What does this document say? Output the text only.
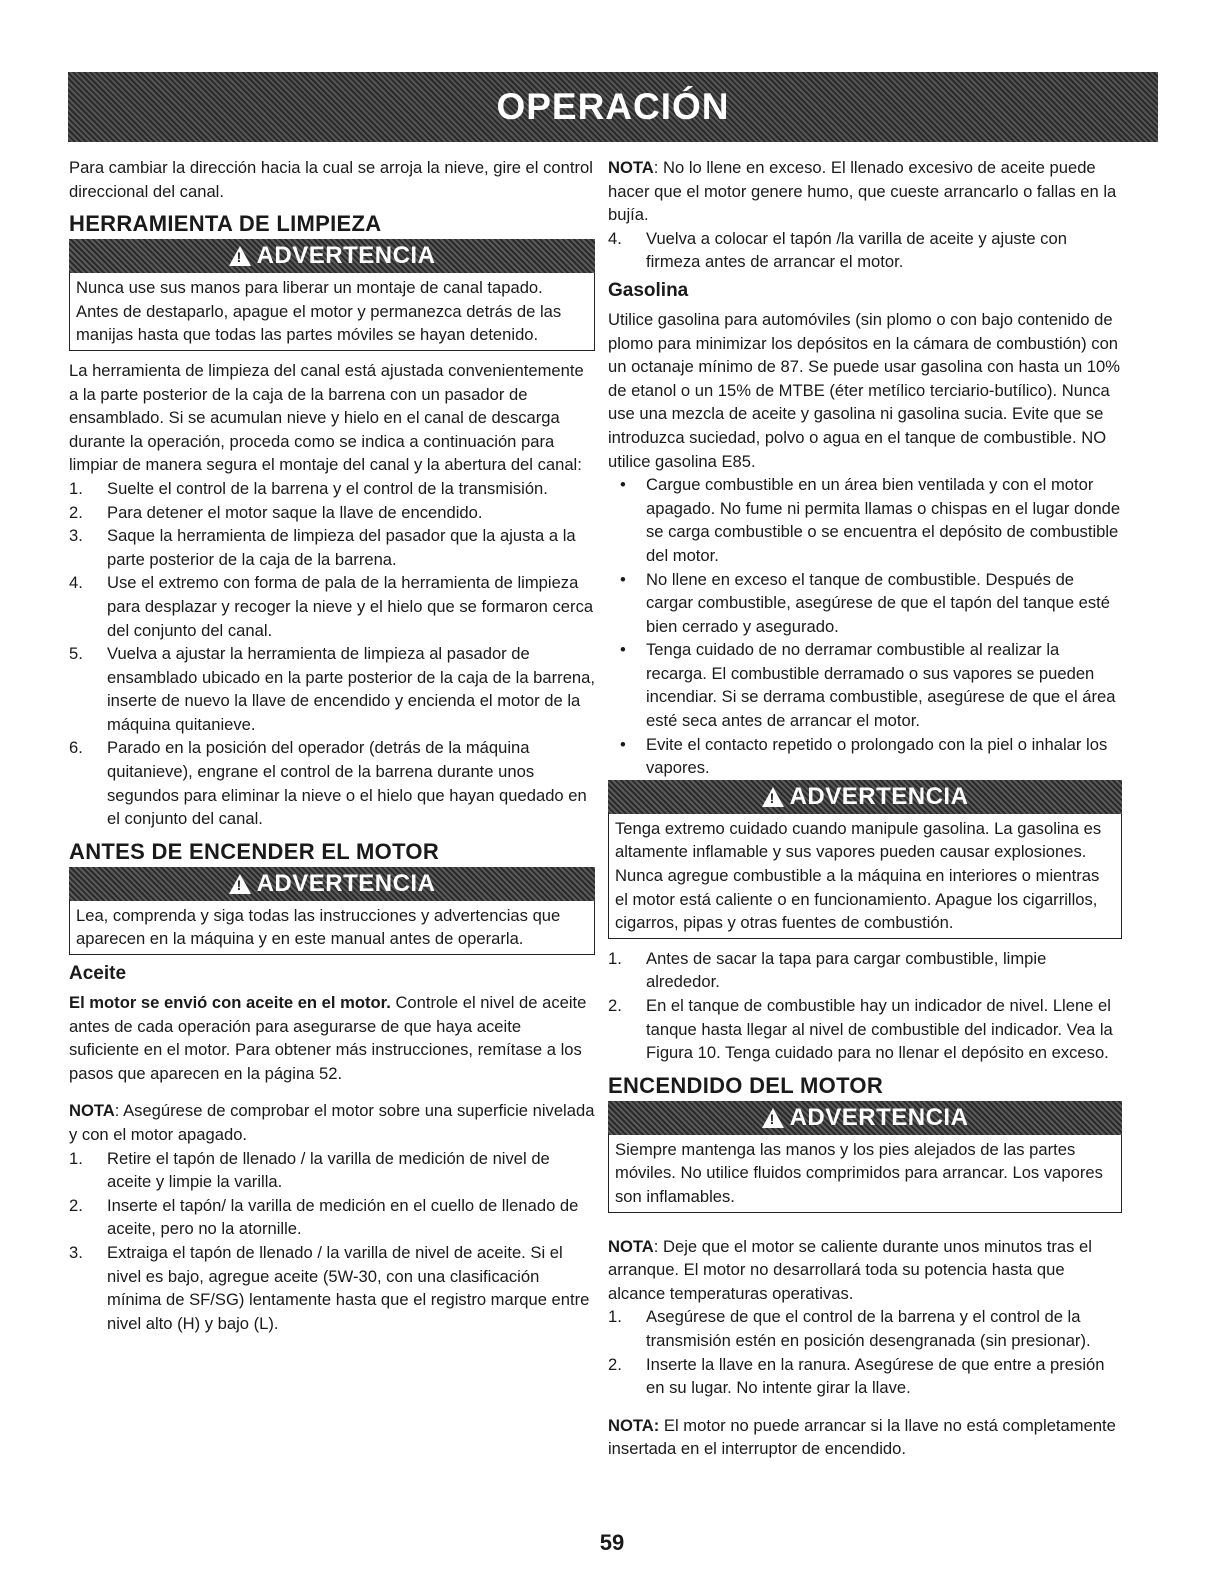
OPERACIÓN

Para cambiar la dirección hacia la cual se arroja la nieve, gire el control direccional del canal.

HERRAMIENTA DE LIMPIEZA
!
ADVERTENCIA
Nunca use sus manos para liberar un montaje de canal tapado. Antes de destaparlo, apague el motor y permanezca detrás de las manijas hasta que todas las partes móviles se hayan detenido.

La herramienta de limpieza del canal está ajustada convenientemente a la parte posterior de la caja de la barrena con un pasador de ensamblado. Si se acumulan nieve y hielo en el canal de descarga durante la operación, proceda como se indica a continuación para limpiar de manera segura el montaje del canal y la abertura del canal:

1. Suelte el control de la barrena y el control de la transmisión.
2. Para detener el motor saque la llave de encendido.
3. Saque la herramienta de limpieza del pasador que la ajusta a la parte posterior de la caja de la barrena.
4. Use el extremo con forma de pala de la herramienta de limpieza para desplazar y recoger la nieve y el hielo que se formaron cerca del conjunto del canal.
5. Vuelva a ajustar la herramienta de limpieza al pasador de ensamblado ubicado en la parte posterior de la caja de la barrena, inserte de nuevo la llave de encendido y encienda el motor de la máquina quitanieve.
6. Parado en la posición del operador (detrás de la máquina quitanieve), engrane el control de la barrena durante unos segundos para eliminar la nieve o el hielo que hayan quedado en el conjunto del canal.
ANTES DE ENCENDER EL MOTOR
!
ADVERTENCIA
Lea, comprenda y siga todas las instrucciones y advertencias que aparecen en la máquina y en este manual antes de operarla.
Aceite

El motor se envió con aceite en el motor. Controle el nivel de aceite antes de cada operación para asegurarse de que haya aceite suficiente en el motor. Para obtener más instrucciones, remítase a los pasos que aparecen en la página 52.

NOTA: Asegúrese de comprobar el motor sobre una superficie nivelada y con el motor apagado.

1. Retire el tapón de llenado / la varilla de medición de nivel de aceite y limpie la varilla.
2. Inserte el tapón/ la varilla de medición en el cuello de llenado de aceite, pero no la atornille.
3. Extraiga el tapón de llenado / la varilla de nivel de aceite. Si el nivel es bajo, agregue aceite (5W-30, con una clasificación mínima de SF/SG) lentamente hasta que el registro marque entre nivel alto (H) y bajo (L).

NOTA: No lo llene en exceso. El llenado excesivo de aceite puede hacer que el motor genere humo, que cueste arrancarlo o fallas en la bujía.

4. Vuelva a colocar el tapón /la varilla de aceite y ajuste con firmeza antes de arrancar el motor.
Gasolina

Utilice gasolina para automóviles (sin plomo o con bajo contenido de plomo para minimizar los depósitos en la cámara de combustión) con un octanaje mínimo de 87. Se puede usar gasolina con hasta un 10% de etanol o un 15% de MTBE (éter metílico terciario-butílico). Nunca use una mezcla de aceite y gasolina ni gasolina sucia. Evite que se introduzca suciedad, polvo o agua en el tanque de combustible. NO utilice gasolina E85.

• Cargue combustible en un área bien ventilada y con el motor apagado. No fume ni permita llamas o chispas en el lugar donde se carga combustible o se encuentra el depósito de combustible del motor.
• No llene en exceso el tanque de combustible. Después de cargar combustible, asegúrese de que el tapón del tanque esté bien cerrado y asegurado.
• Tenga cuidado de no derramar combustible al realizar la recarga. El combustible derramado o sus vapores se pueden incendiar. Si se derrama combustible, asegúrese de que el área esté seca antes de arrancar el motor.
• Evite el contacto repetido o prolongado con la piel o inhalar los vapores.
!
ADVERTENCIA
Tenga extremo cuidado cuando manipule gasolina. La gasolina es altamente inflamable y sus vapores pueden causar explosiones. Nunca agregue combustible a la máquina en interiores o mientras el motor está caliente o en funcionamiento. Apague los cigarrillos, cigarros, pipas y otras fuentes de combustión.
1. Antes de sacar la tapa para cargar combustible, limpie alrededor.
2. En el tanque de combustible hay un indicador de nivel. Llene el tanque hasta llegar al nivel de combustible del indicador. Vea la Figura 10. Tenga cuidado para no llenar el depósito en exceso.
ENCENDIDO DEL MOTOR
!
ADVERTENCIA
Siempre mantenga las manos y los pies alejados de las partes móviles. No utilice fluidos comprimidos para arrancar. Los vapores son inflamables.

NOTA: Deje que el motor se caliente durante unos minutos tras el arranque. El motor no desarrollará toda su potencia hasta que alcance temperaturas operativas.

1. Asegúrese de que el control de la barrena y el control de la transmisión estén en posición desengranada (sin presionar).
2. Inserte la llave en la ranura. Asegúrese de que entre a presión en su lugar. No intente girar la llave.

NOTA: El motor no puede arrancar si la llave no está completamente insertada en el interruptor de encendido.

59
